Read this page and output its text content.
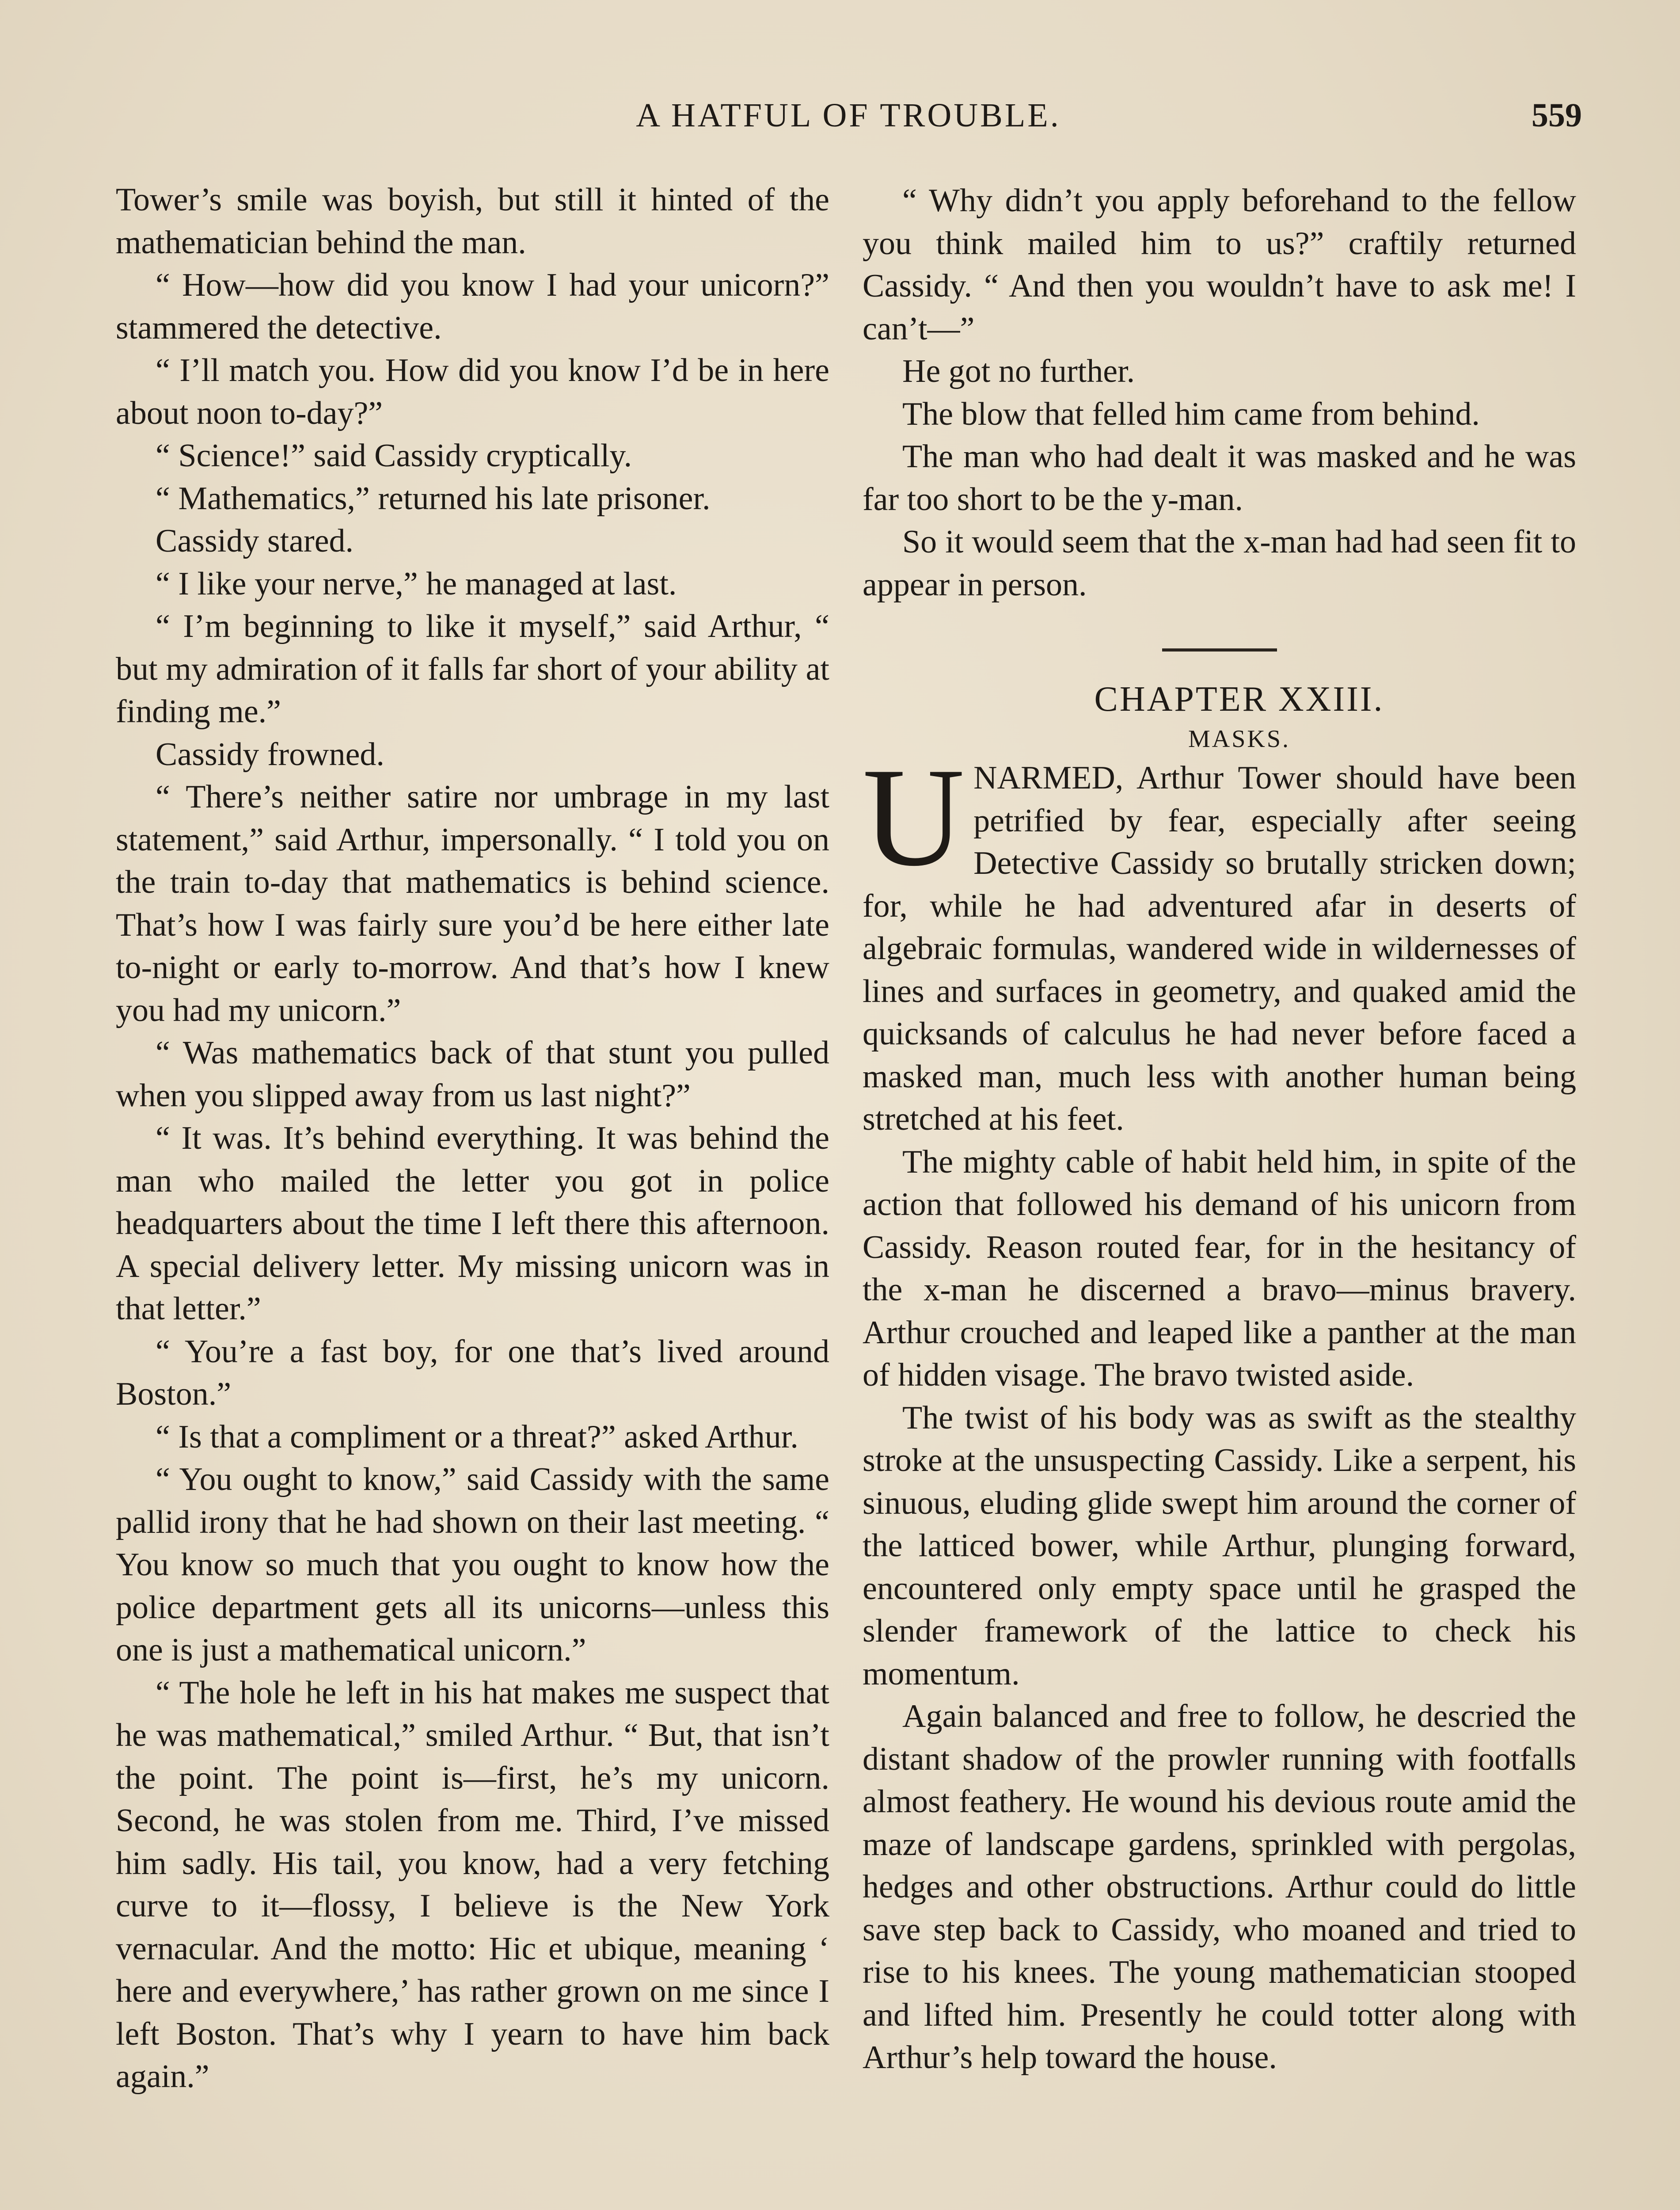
A HATFUL OF TROUBLE.	559

Tower’s smile was boyish, but still it hinted of the mathematician behind the man.

“ How—how did you know I had your unicorn?” stammered the detective.

“ I’ll match you. How did you know I’d be in here about noon to-day?”

“ Science!” said Cassidy cryptically.

“ Mathematics,” returned his late prisoner.

Cassidy stared.

“ I like your nerve,” he managed at last.

“ I’m beginning to like it myself,” said Arthur, “ but my admiration of it falls far short of your ability at finding me.”

Cassidy frowned.

“ There’s neither satire nor umbrage in my last statement,” said Arthur, impersonally. “ I told you on the train to-day that mathematics is behind science. That’s how I was fairly sure you’d be here either late to-night or early to-morrow. And that’s how I knew you had my unicorn.”

“ Was mathematics back of that stunt you pulled when you slipped away from us last night?”

“ It was. It’s behind everything. It was behind the man who mailed the letter you got in police headquarters about the time I left there this afternoon. A special delivery letter. My missing unicorn was in that letter.”

“ You’re a fast boy, for one that’s lived around Boston.”

“ Is that a compliment or a threat?” asked Arthur.

“ You ought to know,” said Cassidy with the same pallid irony that he had shown on their last meeting. “ You know so much that you ought to know how the police department gets all its unicorns—unless this one is just a mathematical unicorn.”

“ The hole he left in his hat makes me suspect that he was mathematical,” smiled Arthur. “ But, that isn’t the point. The point is—first, he’s my unicorn. Second, he was stolen from me. Third, I’ve missed him sadly. His tail, you know, had a very fetching curve to it—flossy, I believe is the New York vernacular. And the motto: Hic et ubique, meaning ‘ here and everywhere,’ has rather grown on me since I left Boston. That’s why I yearn to have him back again.”

“ Why didn’t you apply beforehand to the fellow you think mailed him to us?” craftily returned Cassidy. “ And then you wouldn’t have to ask me! I can’t—”

He got no further.

The blow that felled him came from behind.

The man who had dealt it was masked and he was far too short to be the y-man.

So it would seem that the x-man had had seen fit to appear in person.

CHAPTER XXIII.

MASKS.

UNARMED, Arthur Tower should have been petrified by fear, especially after seeing Detective Cassidy so brutally stricken down; for, while he had adventured afar in deserts of algebraic formulas, wandered wide in wildernesses of lines and surfaces in geometry, and quaked amid the quicksands of calculus he had never before faced a masked man, much less with another human being stretched at his feet.

The mighty cable of habit held him, in spite of the action that followed his demand of his unicorn from Cassidy. Reason routed fear, for in the hesitancy of the x-man he discerned a bravo—minus bravery. Arthur crouched and leaped like a panther at the man of hidden visage. The bravo twisted aside.

The twist of his body was as swift as the stealthy stroke at the unsuspecting Cassidy. Like a serpent, his sinuous, eluding glide swept him around the corner of the latticed bower, while Arthur, plunging forward, encountered only empty space until he grasped the slender framework of the lattice to check his momentum.

Again balanced and free to follow, he descried the distant shadow of the prowler running with footfalls almost feathery. He wound his devious route amid the maze of landscape gardens, sprinkled with pergolas, hedges and other obstructions. Arthur could do little save step back to Cassidy, who moaned and tried to rise to his knees. The young mathematician stooped and lifted him. Presently he could totter along with Arthur’s help toward the house.
